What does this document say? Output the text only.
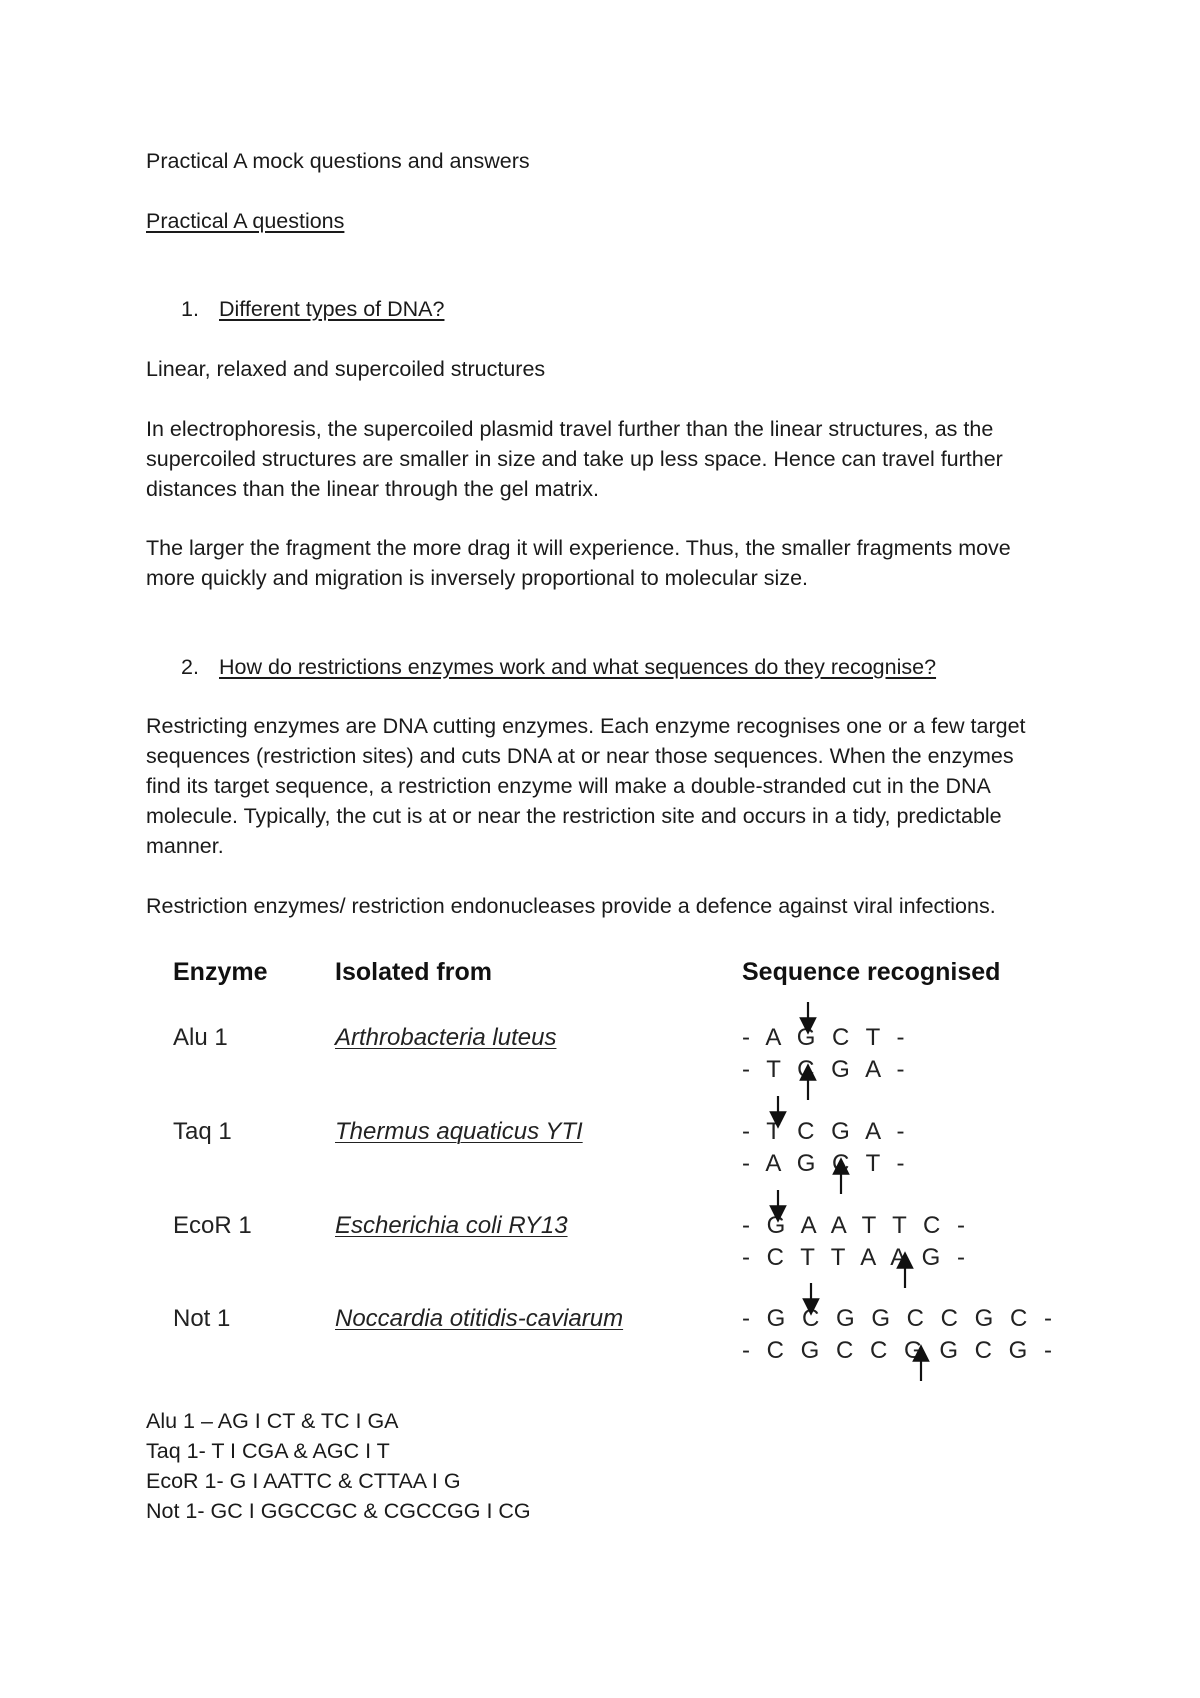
Practical A mock questions and answers
Practical A questions
1. Different types of DNA?
Linear, relaxed and supercoiled structures
In electrophoresis, the supercoiled plasmid travel further than the linear structures, as the
supercoiled structures are smaller in size and take up less space. Hence can travel further
distances than the linear through the gel matrix.
The larger the fragment the more drag it will experience. Thus, the smaller fragments move
more quickly and migration is inversely proportional to molecular size.
2. How do restrictions enzymes work and what sequences do they recognise?
Restricting enzymes are DNA cutting enzymes. Each enzyme recognises one or a few target
sequences (restriction sites) and cuts DNA at or near those sequences. When the enzymes
find its target sequence, a restriction enzyme will make a double-stranded cut in the DNA
molecule. Typically, the cut is at or near the restriction site and occurs in a tidy, predictable
manner.
Restriction enzymes/ restriction endonucleases provide a defence against viral infections.
Enzyme	Isolated from	Sequence recognised
Alu 1	Arthrobacteria luteus	- A G C T -
- T C G A -
Taq 1	Thermus aquaticus YTI	- T C G A -
- A G C T -
EcoR 1	Escherichia coli RY13	- G A A T T C -
- C T T A A G -
Not 1	Noccardia otitidis-caviarum	- G C G G C C G C -
- C G C C G G C G -
Alu 1 – AG I CT & TC I GA
Taq 1- T I CGA & AGC I T
EcoR 1- G I AATTC & CTTAA I G
Not 1- GC I GGCCGC & CGCCGG I CG
